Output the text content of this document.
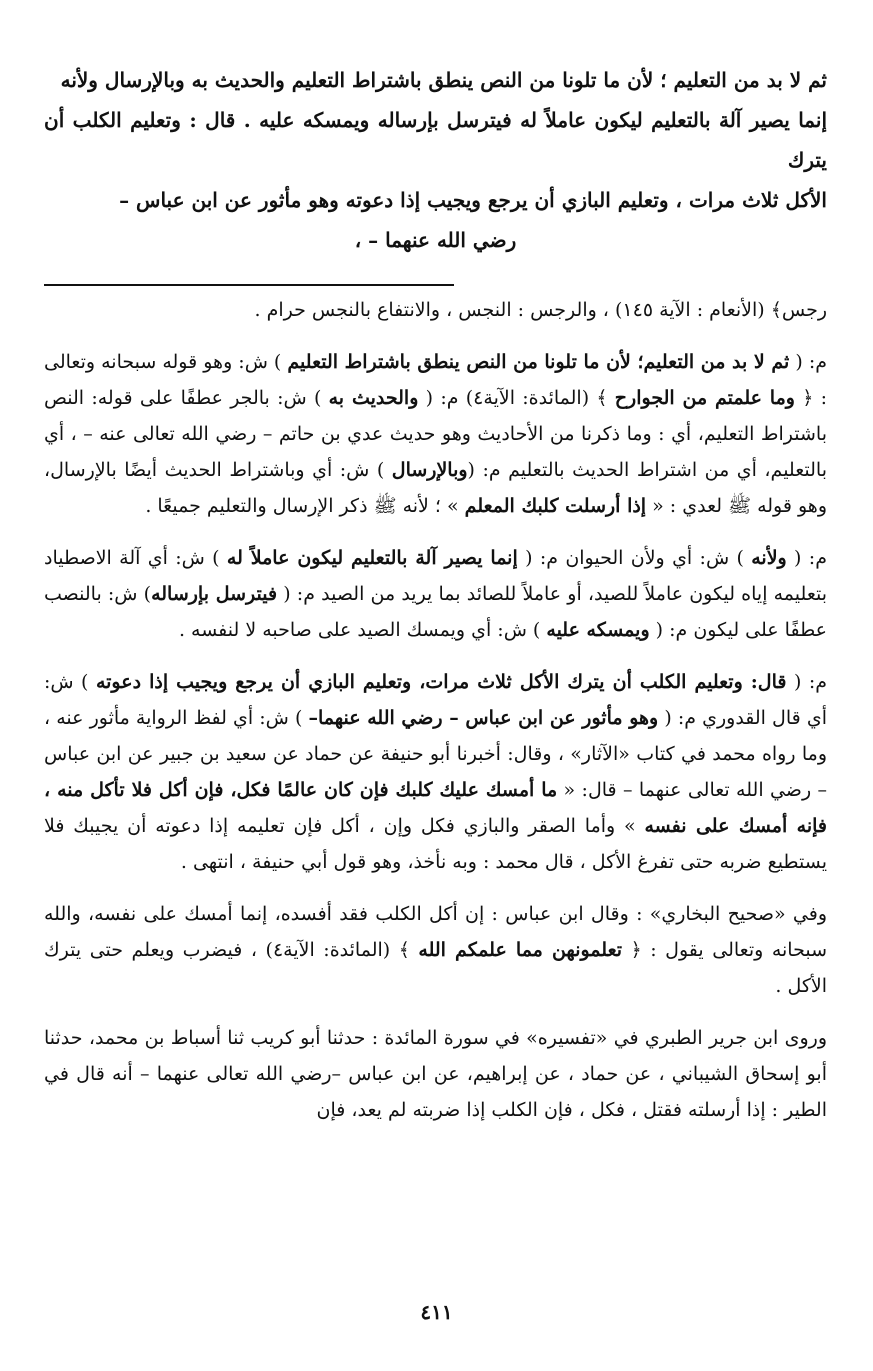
ثم لا بد من التعليم ؛ لأن ما تلونا من النص ينطق باشتراط التعليم والحديث به وبالإرسال ولأنه
إنما يصير آلة بالتعليم ليكون عاملاً له فيترسل بإرساله ويمسكه عليه . قال : وتعليم الكلب أن يترك
الأكل ثلاث مرات ، وتعليم البازي أن يرجع ويجيب إذا دعوته وهو مأثور عن ابن عباس –
رضي الله عنهما – ،

رجس﴾ (الأنعام : الآية ١٤٥) ، والرجس : النجس ، والانتفاع بالنجس حرام .

م: ( ثم لا بد من التعليم؛ لأن ما تلونا من النص ينطق باشتراط التعليم ) ش: وهو قوله سبحانه وتعالى : ﴿ وما علمتم من الجوارح ﴾ (المائدة: الآية٤) م: ( والحديث به ) ش: بالجر عطفًا على قوله: النص باشتراط التعليم، أي : وما ذكرنا من الأحاديث وهو حديث عدي بن حاتم – رضي الله تعالى عنه – ، أي بالتعليم، أي من اشتراط الحديث بالتعليم م: (وبالإرسال ) ش: أي وباشتراط الحديث أيضًا بالإرسال، وهو قوله ﷺ لعدي : « إذا أرسلت كلبك المعلم » ؛ لأنه ﷺ ذكر الإرسال والتعليم جميعًا .

م: ( ولأنه ) ش: أي ولأن الحيوان م: ( إنما يصير آلة بالتعليم ليكون عاملاً له ) ش: أي آلة الاصطياد بتعليمه إياه ليكون عاملاً للصيد، أو عاملاً للصائد بما يريد من الصيد م: ( فيترسل بإرساله) ش: بالنصب عطفًا على ليكون م: ( ويمسكه عليه ) ش: أي ويمسك الصيد على صاحبه لا لنفسه .

م: ( قال: وتعليم الكلب أن يترك الأكل ثلاث مرات، وتعليم البازي أن يرجع ويجيب إذا دعوته ) ش: أي قال القدوري م: ( وهو مأثور عن ابن عباس – رضي الله عنهما– ) ش: أي لفظ الرواية مأثور عنه ، وما رواه محمد في كتاب «الآثار» ، وقال: أخبرنا أبو حنيفة عن حماد عن سعيد بن جبير عن ابن عباس – رضي الله تعالى عنهما – قال: « ما أمسك عليك كلبك فإن كان عالمًا فكل، فإن أكل فلا تأكل منه ، فإنه أمسك على نفسه » وأما الصقر والبازي فكل وإن ، أكل فإن تعليمه إذا دعوته أن يجيبك فلا يستطيع ضربه حتى تفرغ الأكل ، قال محمد : وبه نأخذ، وهو قول أبي حنيفة ، انتهى .

وفي «صحيح البخاري» : وقال ابن عباس : إن أكل الكلب فقد أفسده، إنما أمسك على نفسه، والله سبحانه وتعالى يقول : ﴿ تعلمونهن مما علمكم الله ﴾ (المائدة: الآية٤) ، فيضرب ويعلم حتى يترك الأكل .

وروى ابن جرير الطبري في «تفسيره» في سورة المائدة : حدثنا أبو كريب ثنا أسباط بن محمد، حدثنا أبو إسحاق الشيباني ، عن حماد ، عن إبراهيم، عن ابن عباس –رضي الله تعالى عنهما – أنه قال في الطير : إذا أرسلته فقتل ، فكل ، فإن الكلب إذا ضربته لم يعد، فإن

٤١١
